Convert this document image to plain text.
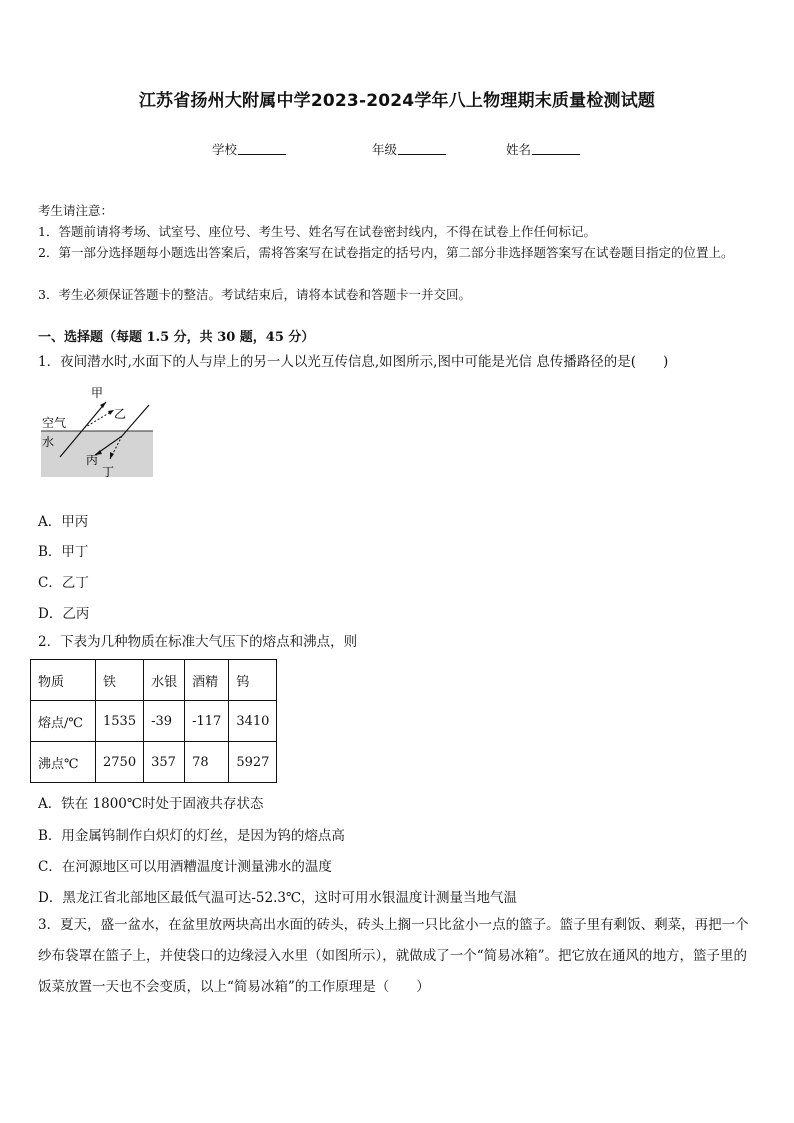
江苏省扬州大附属中学2023-2024学年八上物理期末质量检测试题
学校	年级	姓名
考生请注意：
1．答题前请将考场、试室号、座位号、考生号、姓名写在试卷密封线内，不得在试卷上作任何标记。
2．第一部分选择题每小题选出答案后，需将答案写在试卷指定的括号内，第二部分非选择题答案写在试卷题目指定的位置上。
3．考生必须保证答题卡的整洁。考试结束后，请将本试卷和答题卡一并交回。
一、选择题（每题 1.5 分，共 30 题，45 分）
1．夜间潜水时,水面下的人与岸上的另一人以光互传信息,如图所示,图中可能是光信 息传播路径的是(　　)
甲
乙
空气
水
丙
丁
A．甲丙
B．甲丁
C．乙丁
D．乙丙
2．下表为几种物质在标准大气压下的熔点和沸点，则
物质	铁	水银	酒精	钨
熔点/℃	1535	-39	-117	3410
沸点℃	2750	357	78	5927
A．铁在 1800℃时处于固液共存状态
B．用金属钨制作白炽灯的灯丝，是因为钨的熔点高
C．在河源地区可以用酒糟温度计测量沸水的温度
D．黑龙江省北部地区最低气温可达-52.3℃，这时可用水银温度计测量当地气温
3．夏天，盛一盆水，在盆里放两块高出水面的砖头，砖头上搁一只比盆小一点的篮子。篮子里有剩饭、剩菜，再把一个纱布袋罩在篮子上，并使袋口的边缘浸入水里（如图所示），就做成了一个“简易冰箱”。把它放在通风的地方，篮子里的饭菜放置一天也不会变质，以上“简易冰箱”的工作原理是（　　）
